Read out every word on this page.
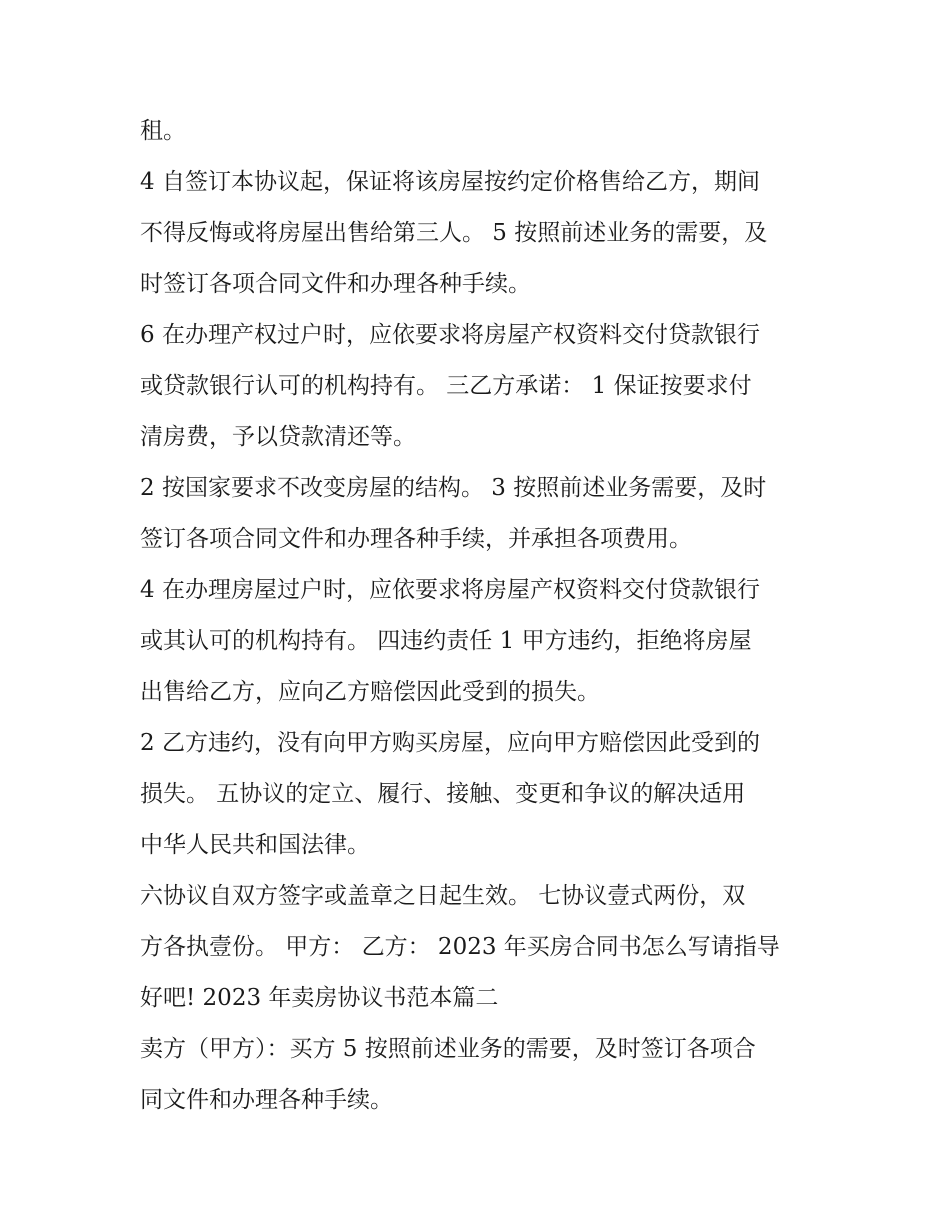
租。
4 自签订本协议起，保证将该房屋按约定价格售给乙方，期间
不得反悔或将房屋出售给第三人。 5 按照前述业务的需要，及
时签订各项合同文件和办理各种手续。
6 在办理产权过户时，应依要求将房屋产权资料交付贷款银行
或贷款银行认可的机构持有。 三乙方承诺： 1 保证按要求付
清房费，予以贷款清还等。
2 按国家要求不改变房屋的结构。 3 按照前述业务需要，及时
签订各项合同文件和办理各种手续，并承担各项费用。
4 在办理房屋过户时，应依要求将房屋产权资料交付贷款银行
或其认可的机构持有。 四违约责任 1 甲方违约，拒绝将房屋
出售给乙方，应向乙方赔偿因此受到的损失。
2 乙方违约，没有向甲方购买房屋，应向甲方赔偿因此受到的
损失。 五协议的定立、履行、接触、变更和争议的解决适用
中华人民共和国法律。
六协议自双方签字或盖章之日起生效。 七协议壹式两份，双
方各执壹份。 甲方： 乙方： 2023 年买房合同书怎么写请指导
好吧! 2023 年卖房协议书范本篇二
卖方（甲方）：买方 5 按照前述业务的需要，及时签订各项合
同文件和办理各种手续。
